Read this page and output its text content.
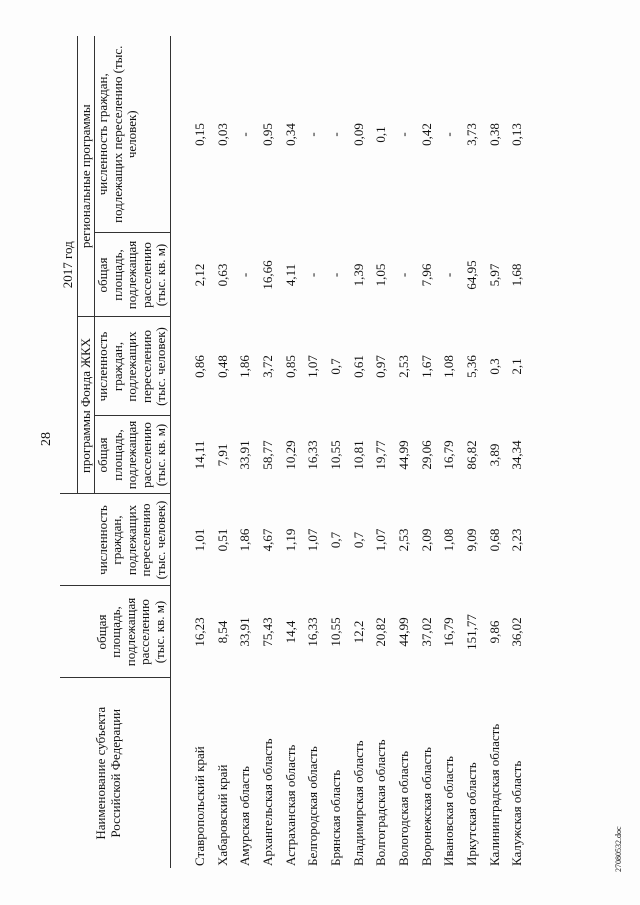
28
27080532.doc
Наименование субъекта Российской Федерации			2017 год			
			программы Фонда ЖКХ		региональные программы	
	общая площадь, подлежащая расселению (тыс. кв. м)	численность граждан, подлежащих переселению (тыс. человек)	общая площадь, подлежащая расселению (тыс. кв. м)	численность граждан, подлежащих переселению (тыс. человек)	общая площадь, подлежащая расселению (тыс. кв. м)	численность граждан, подлежащих переселению (тыс. человек)
Ставропольский край	16,23	1,01	14,11	0,86	2,12	0,15
Хабаровский край	8,54	0,51	7,91	0,48	0,63	0,03
Амурская область	33,91	1,86	33,91	1,86	-	-
Архангельская область	75,43	4,67	58,77	3,72	16,66	0,95
Астраханская область	14,4	1,19	10,29	0,85	4,11	0,34
Белгородская область	16,33	1,07	16,33	1,07	-	-
Брянская область	10,55	0,7	10,55	0,7	-	-
Владимирская область	12,2	0,7	10,81	0,61	1,39	0,09
Волгоградская область	20,82	1,07	19,77	0,97	1,05	0,1
Вологодская область	44,99	2,53	44,99	2,53	-	-
Воронежская область	37,02	2,09	29,06	1,67	7,96	0,42
Ивановская область	16,79	1,08	16,79	1,08	-	-
Иркутская область	151,77	9,09	86,82	5,36	64,95	3,73
Калининградская область	9,86	0,68	3,89	0,3	5,97	0,38
Калужская область	36,02	2,23	34,34	2,1	1,68	0,13
